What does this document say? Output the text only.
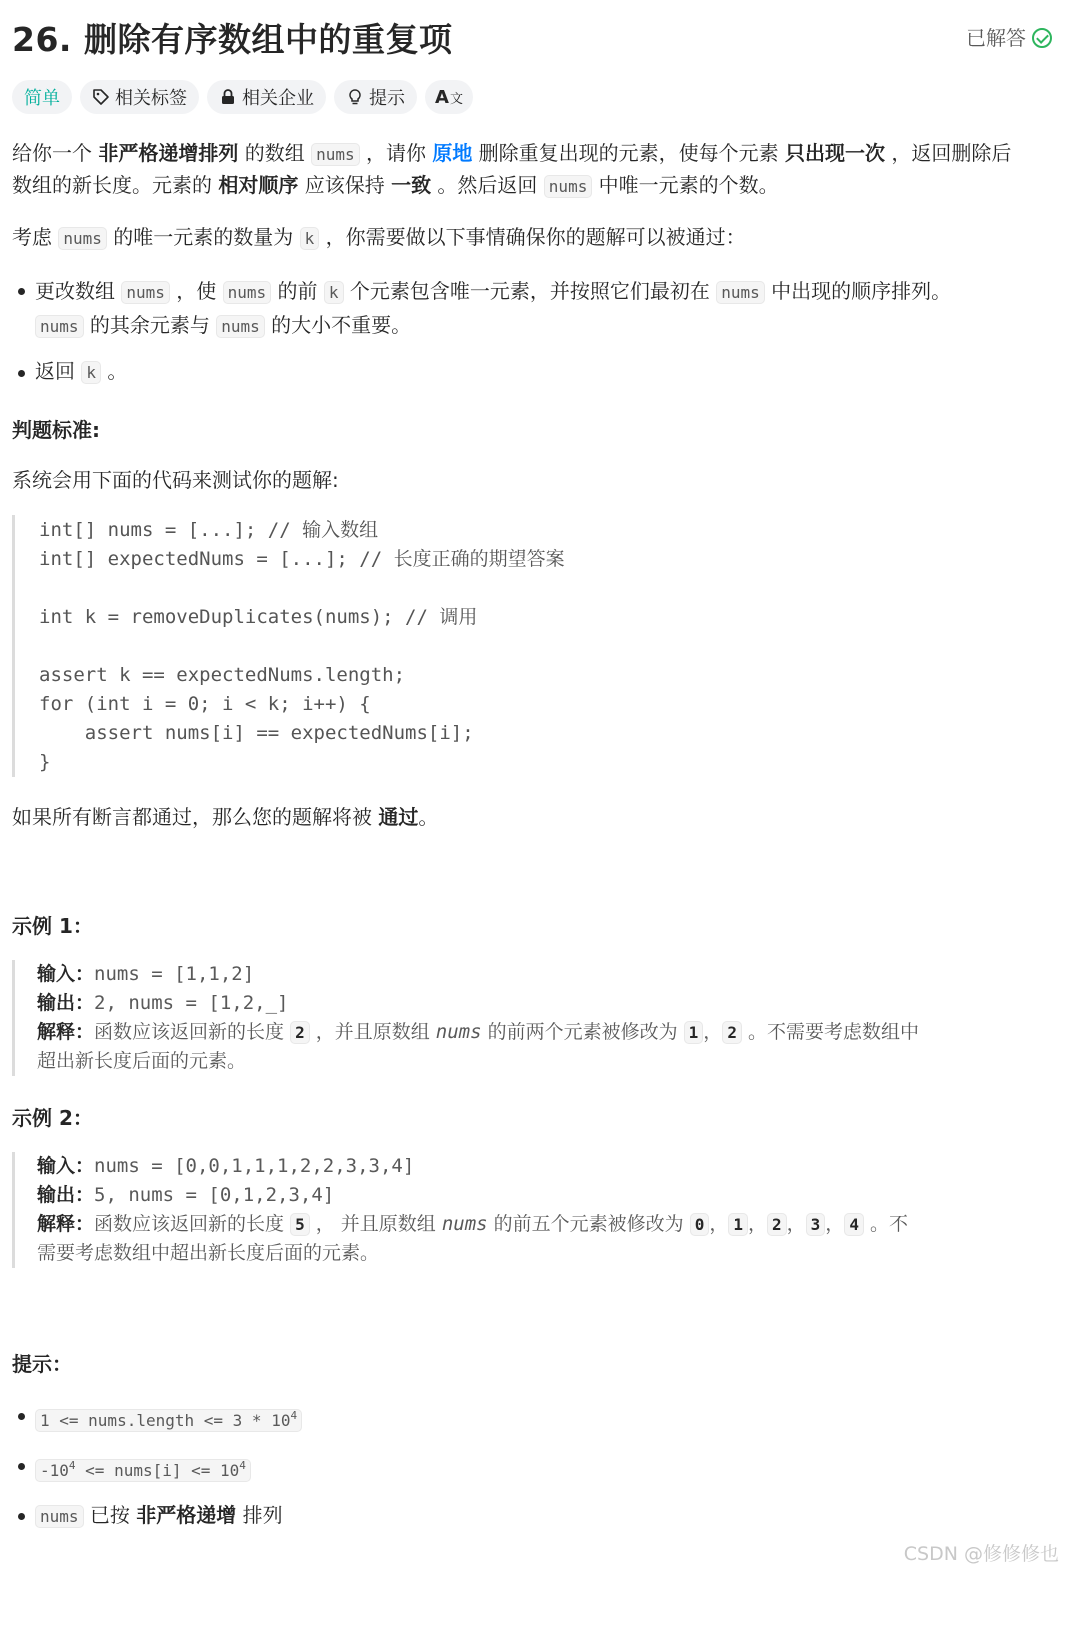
26. 删除有序数组中的重复项	已解答
简单	相关标签	相关企业	提示 A 文
给你一个 非严格递增排列 的数组 nums ，请你 原地 删除重复出现的元素，使每个元素 只出现一次 ，返回删除后
数组的新长度。元素的 相对顺序 应该保持 一致 。然后返回 nums 中唯一元素的个数。
考虑 nums 的唯一元素的数量为 k ，你需要做以下事情确保你的题解可以被通过：
更改数组 nums ，使 nums 的前 k 个元素包含唯一元素，并按照它们最初在 nums 中出现的顺序排列。
nums 的其余元素与 nums 的大小不重要。
返回 k 。
判题标准:
系统会用下面的代码来测试你的题解:
int[] nums = [...]; // 输入数组
int[] expectedNums = [...]; // 长度正确的期望答案

int k = removeDuplicates(nums); // 调用

assert k == expectedNums.length;
for (int i = 0; i < k; i++) {
assert nums[i] == expectedNums[i];
}
如果所有断言都通过，那么您的题解将被 通过。
示例 1：
输入：nums = [1,1,2]
输出：2, nums = [1,2,_]
解释：函数应该返回新的长度 2 ，并且原数组 nums 的前两个元素被修改为 1 ， 2 。不需要考虑数组中
超出新长度后面的元素。
示例 2：
输入：nums = [0,0,1,1,1,2,2,3,3,4]
输出：5, nums = [0,1,2,3,4]
解释：函数应该返回新的长度 5 ， 并且原数组 nums 的前五个元素被修改为 0 ， 1 ， 2 ， 3 ， 4 。不
需要考虑数组中超出新长度后面的元素。
提示：
1 <= nums.length <= $3 * 10^4$
$-10^4$ <= nums[i] <= $10^4$
nums 已按 非严格递增 排列
CSDN @修修修也
